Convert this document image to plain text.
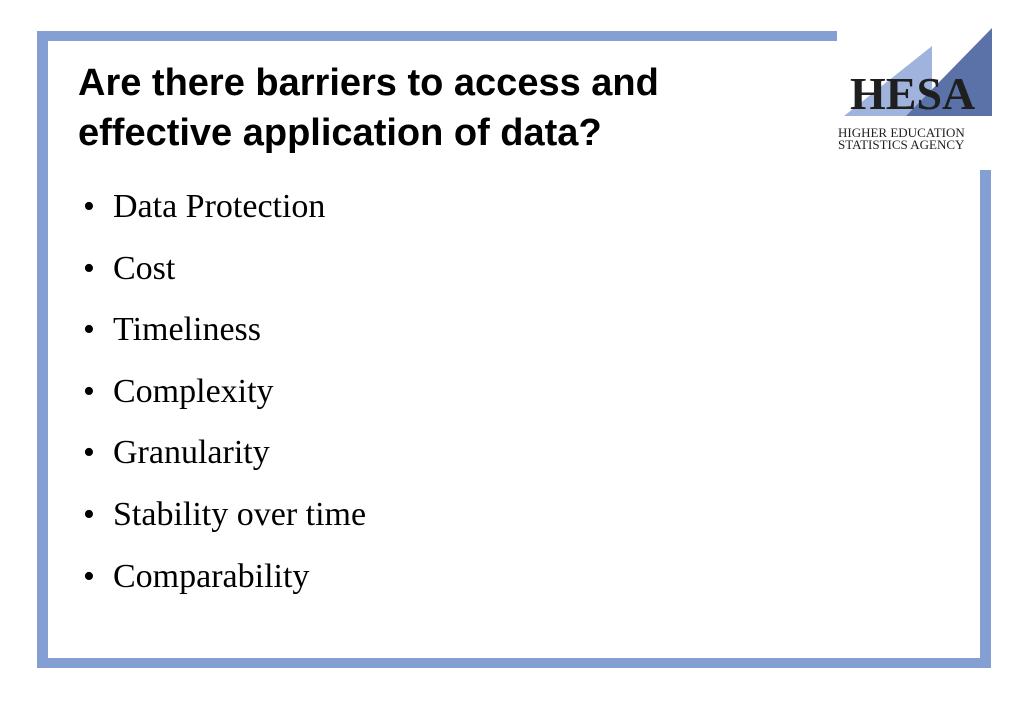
Are there barriers to access and effective application of data?
• Data Protection
• Cost
• Timeliness
• Complexity
• Granularity
• Stability over time
• Comparability
HESA
HIGHER EDUCATION
STATISTICS AGENCY
